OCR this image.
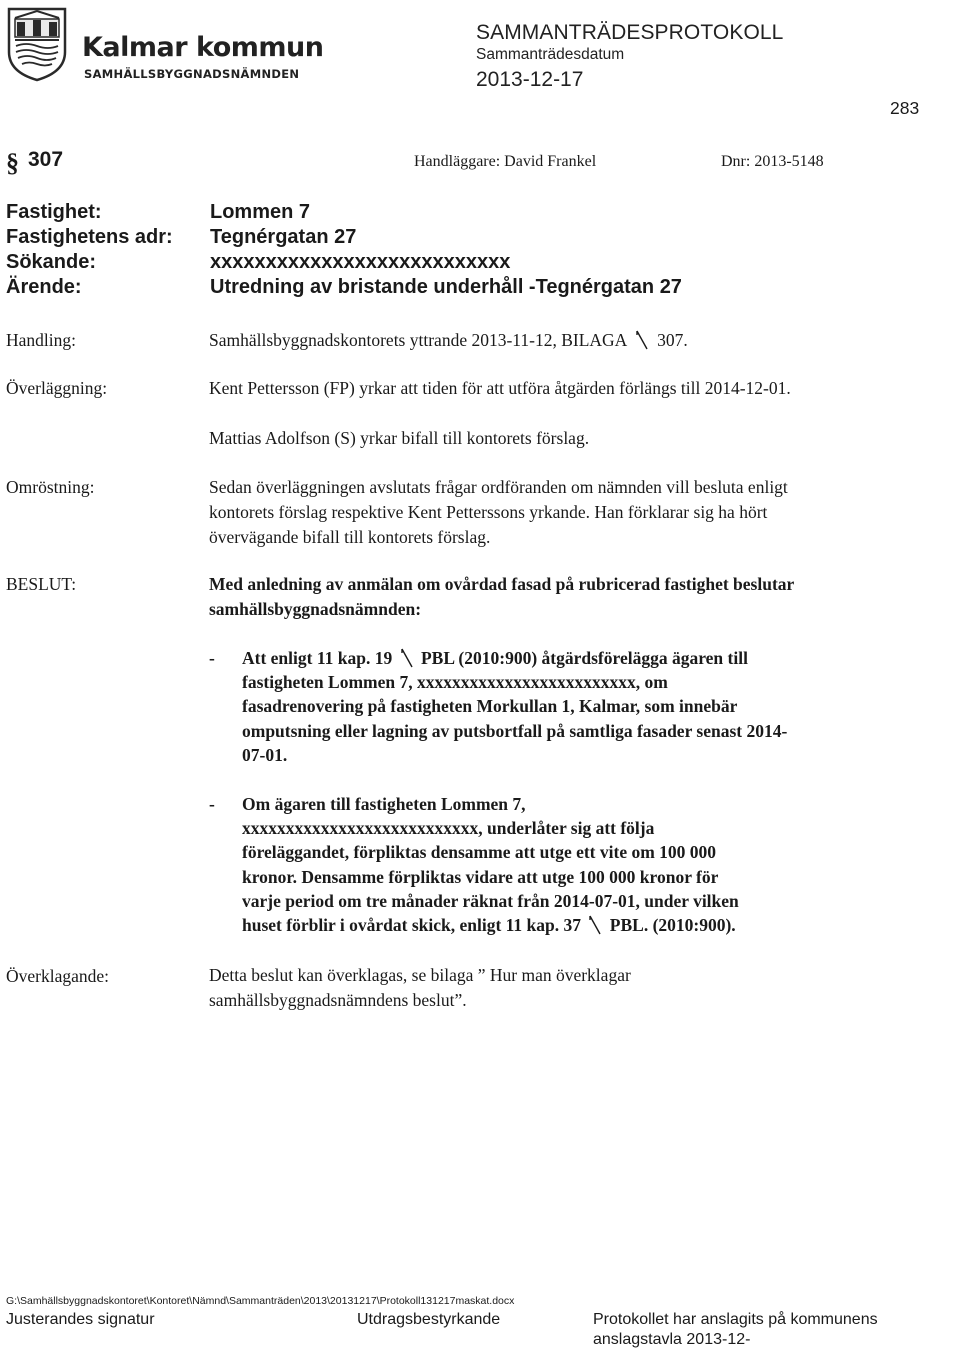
Kalmar kommun
SAMHÄLLSBYGGNADSNÄMNDEN
SAMMANTRÄDESPROTOKOLL
Sammanträdesdatum
2013-12-17
283
§ 307	Handläggare: David Frankel	Dnr: 2013-5148
Fastighet:	Lommen 7
Fastighetens adr: Tegnérgatan 27
Sökande:	xxxxxxxxxxxxxxxxxxxxxxxxxxx
Ärende:	Utredning av bristande underhåll -Tegnérgatan 27
Handling:	Samhällsbyggnadskontorets yttrande 2013-11-12, BILAGA 307.
Överläggning:	Kent Pettersson (FP) yrkar att tiden för att utföra åtgärden förlängs till 2014-12-01.
Mattias Adolfson (S) yrkar bifall till kontorets förslag.
Omröstning:	Sedan överläggningen avslutats frågar ordföranden om nämnden vill besluta enligt
kontorets förslag respektive Kent Petterssons yrkande. Han förklarar sig ha hört
övervägande bifall till kontorets förslag.
BESLUT:	Med anledning av anmälan om ovårdad fasad på rubricerad fastighet beslutar
samhällsbyggnadsnämnden:
- Att enligt 11 kap. 19 PBL (2010:900) åtgärdsförelägga ägaren till
fastigheten Lommen 7, xxxxxxxxxxxxxxxxxxxxxxxxx, om
fasadrenovering på fastigheten Morkullan 1, Kalmar, som innebär
omputsning eller lagning av putsbortfall på samtliga fasader senast 2014-
07-01.
- Om ägaren till fastigheten Lommen 7,
xxxxxxxxxxxxxxxxxxxxxxxxxxx, underlåter sig att följa
föreläggandet, förpliktas densamme att utge ett vite om 100 000
kronor. Densamme förpliktas vidare att utge 100 000 kronor för
varje period om tre månader räknat från 2014-07-01, under vilken
huset förblir i ovårdat skick, enligt 11 kap. 37 PBL. (2010:900).
Överklagande:	Detta beslut kan överklagas, se bilaga ” Hur man överklagar
samhällsbyggnadsnämndens beslut”.
G:\Samhällsbyggnadskontoret\Kontoret\Nämnd\Sammanträden\2013\20131217\Protokoll131217maskat.docx
Justerandes signatur	Utdragsbestyrkande	Protokollet har anslagits på kommunens
anslagstavla 2013-12-
